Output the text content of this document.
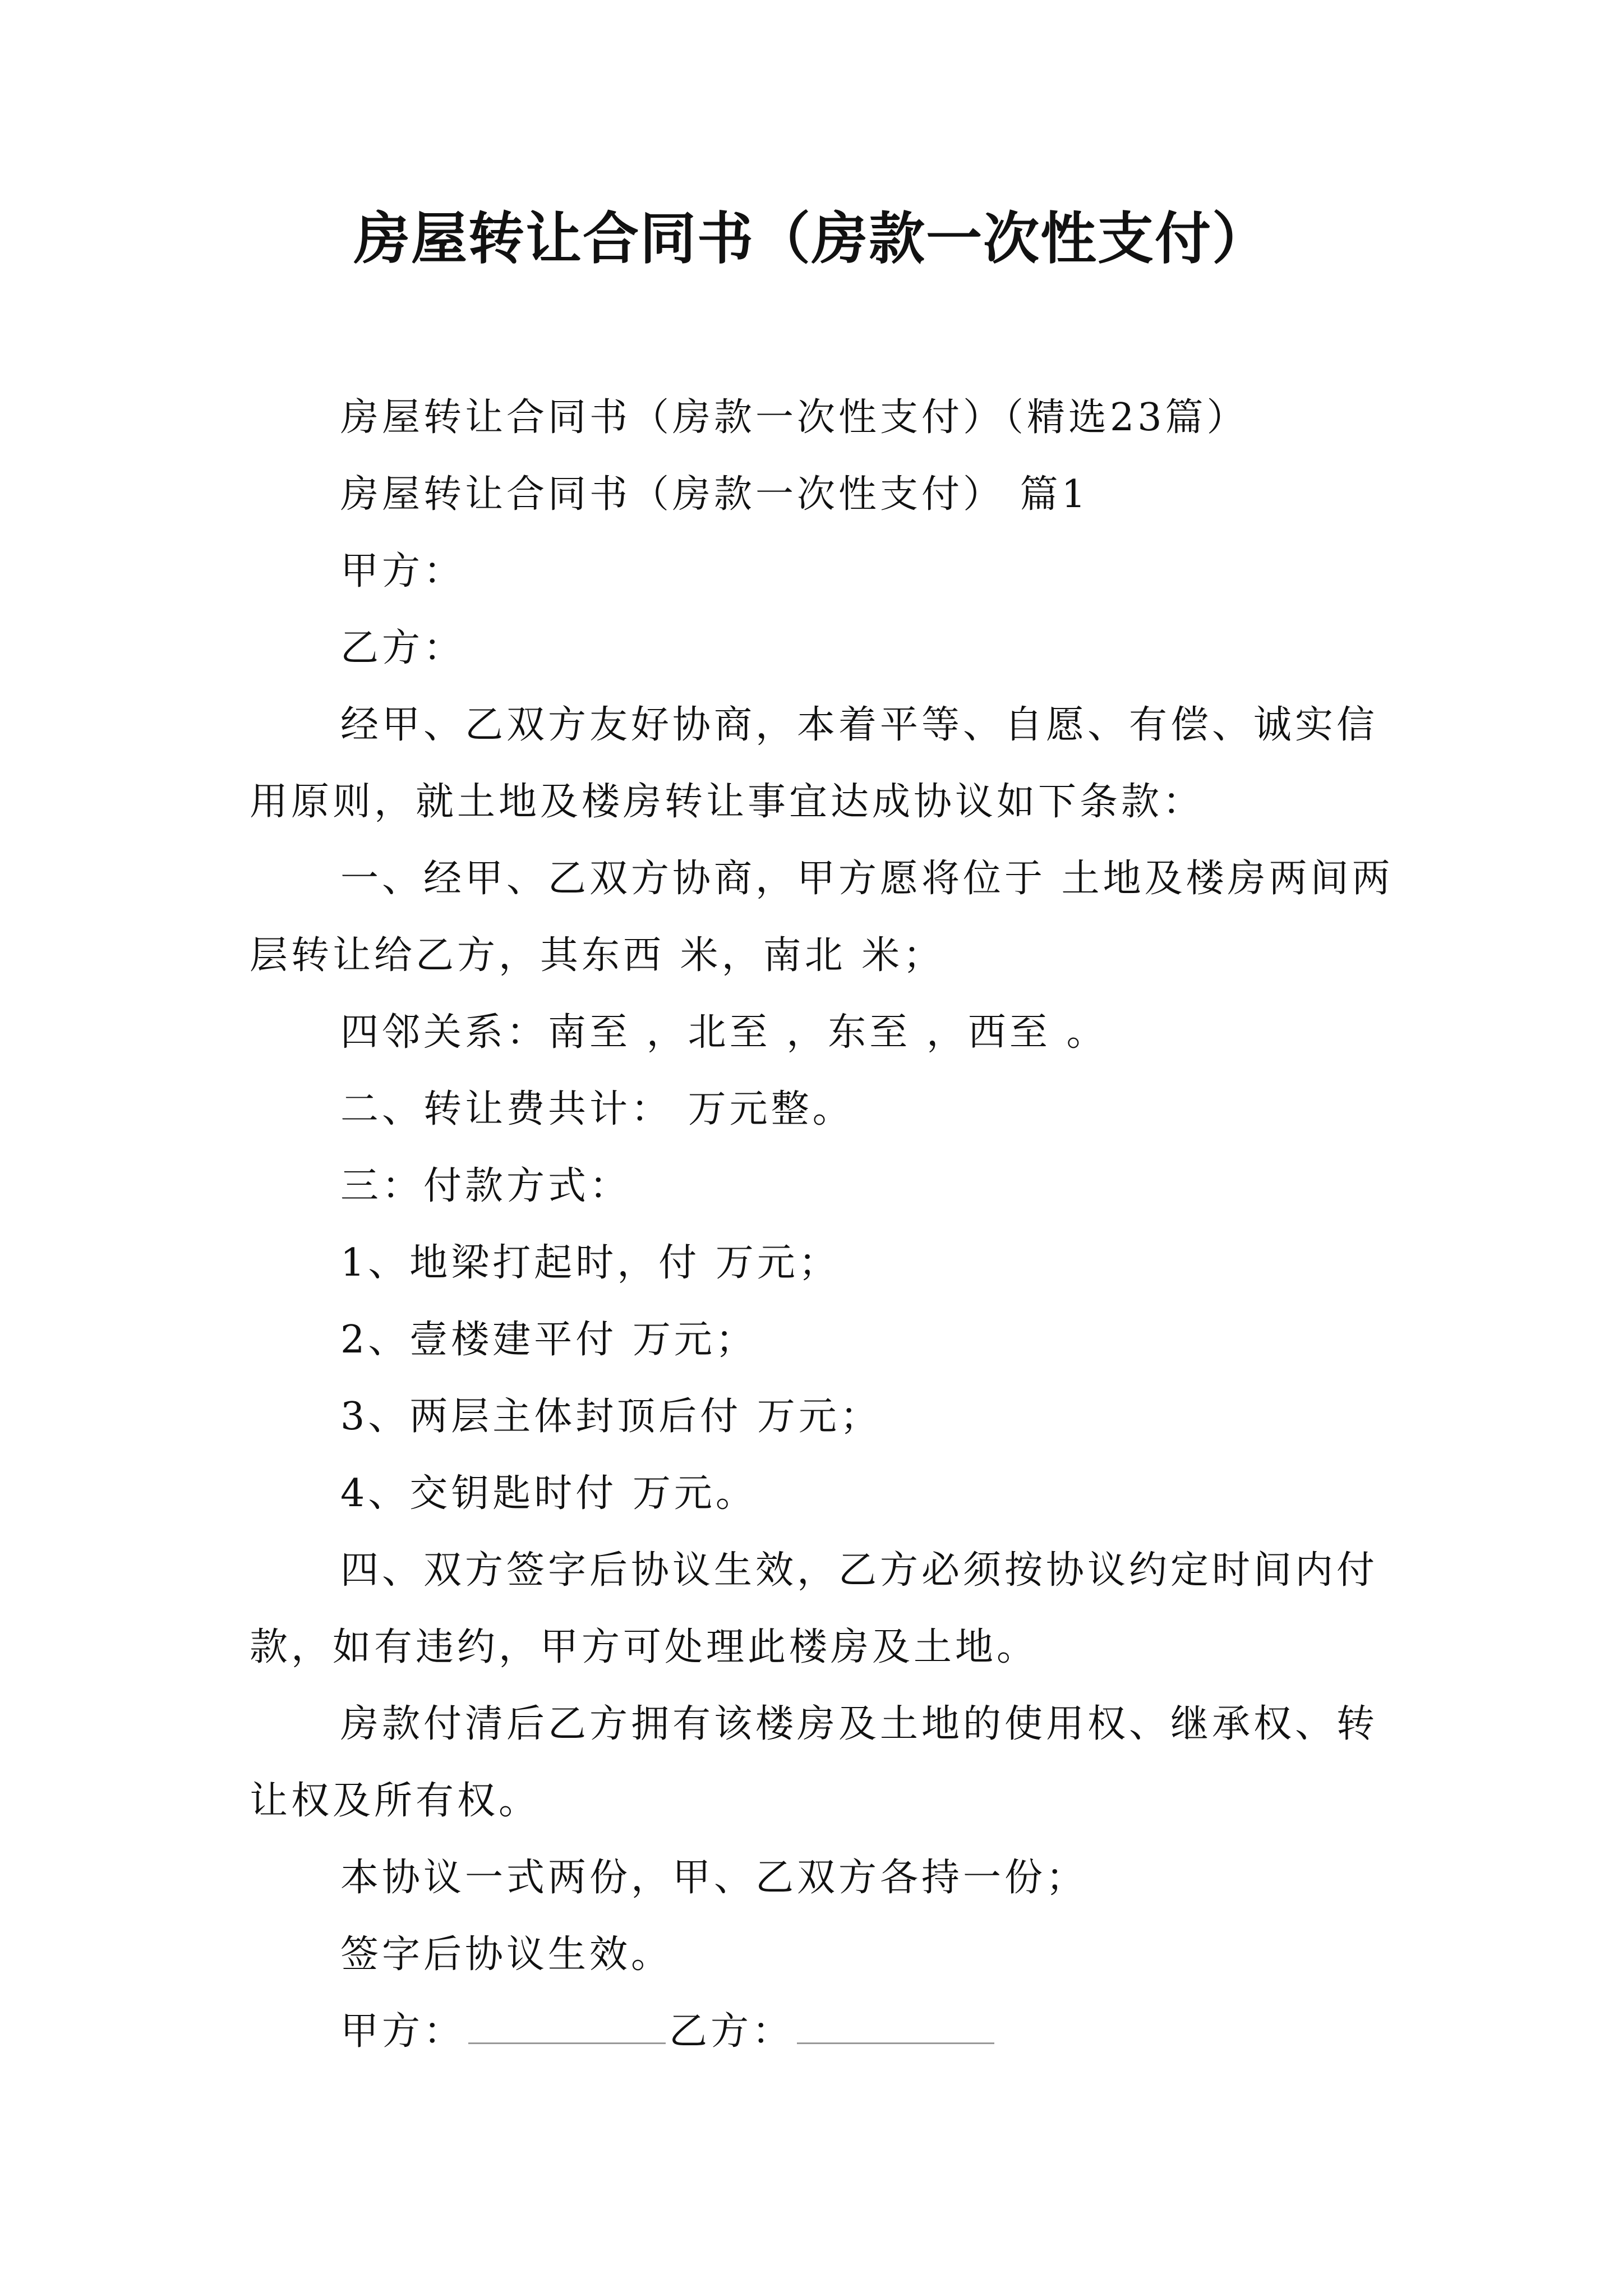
房屋转让合同书（房款一次性支付）

房屋转让合同书（房款一次性支付）（精选23篇）

房屋转让合同书（房款一次性支付） 篇1

甲方：

乙方：

经甲、乙双方友好协商，本着平等、自愿、有偿、诚实信用原则，就土地及楼房转让事宜达成协议如下条款：

一、经甲、乙双方协商，甲方愿将位于 土地及楼房两间两层转让给乙方，其东西 米，南北 米；

四邻关系：南至 ，北至 ，东至 ，西至 。

二、转让费共计： 万元整。

三：付款方式：

1、地梁打起时，付 万元；

2、壹楼建平付 万元；

3、两层主体封顶后付 万元；

4、交钥匙时付 万元。

四、双方签字后协议生效，乙方必须按协议约定时间内付款，如有违约，甲方可处理此楼房及土地。

房款付清后乙方拥有该楼房及土地的使用权、继承权、转让权及所有权。

本协议一式两份，甲、乙双方各持一份；

签字后协议生效。

甲方：	乙方：
